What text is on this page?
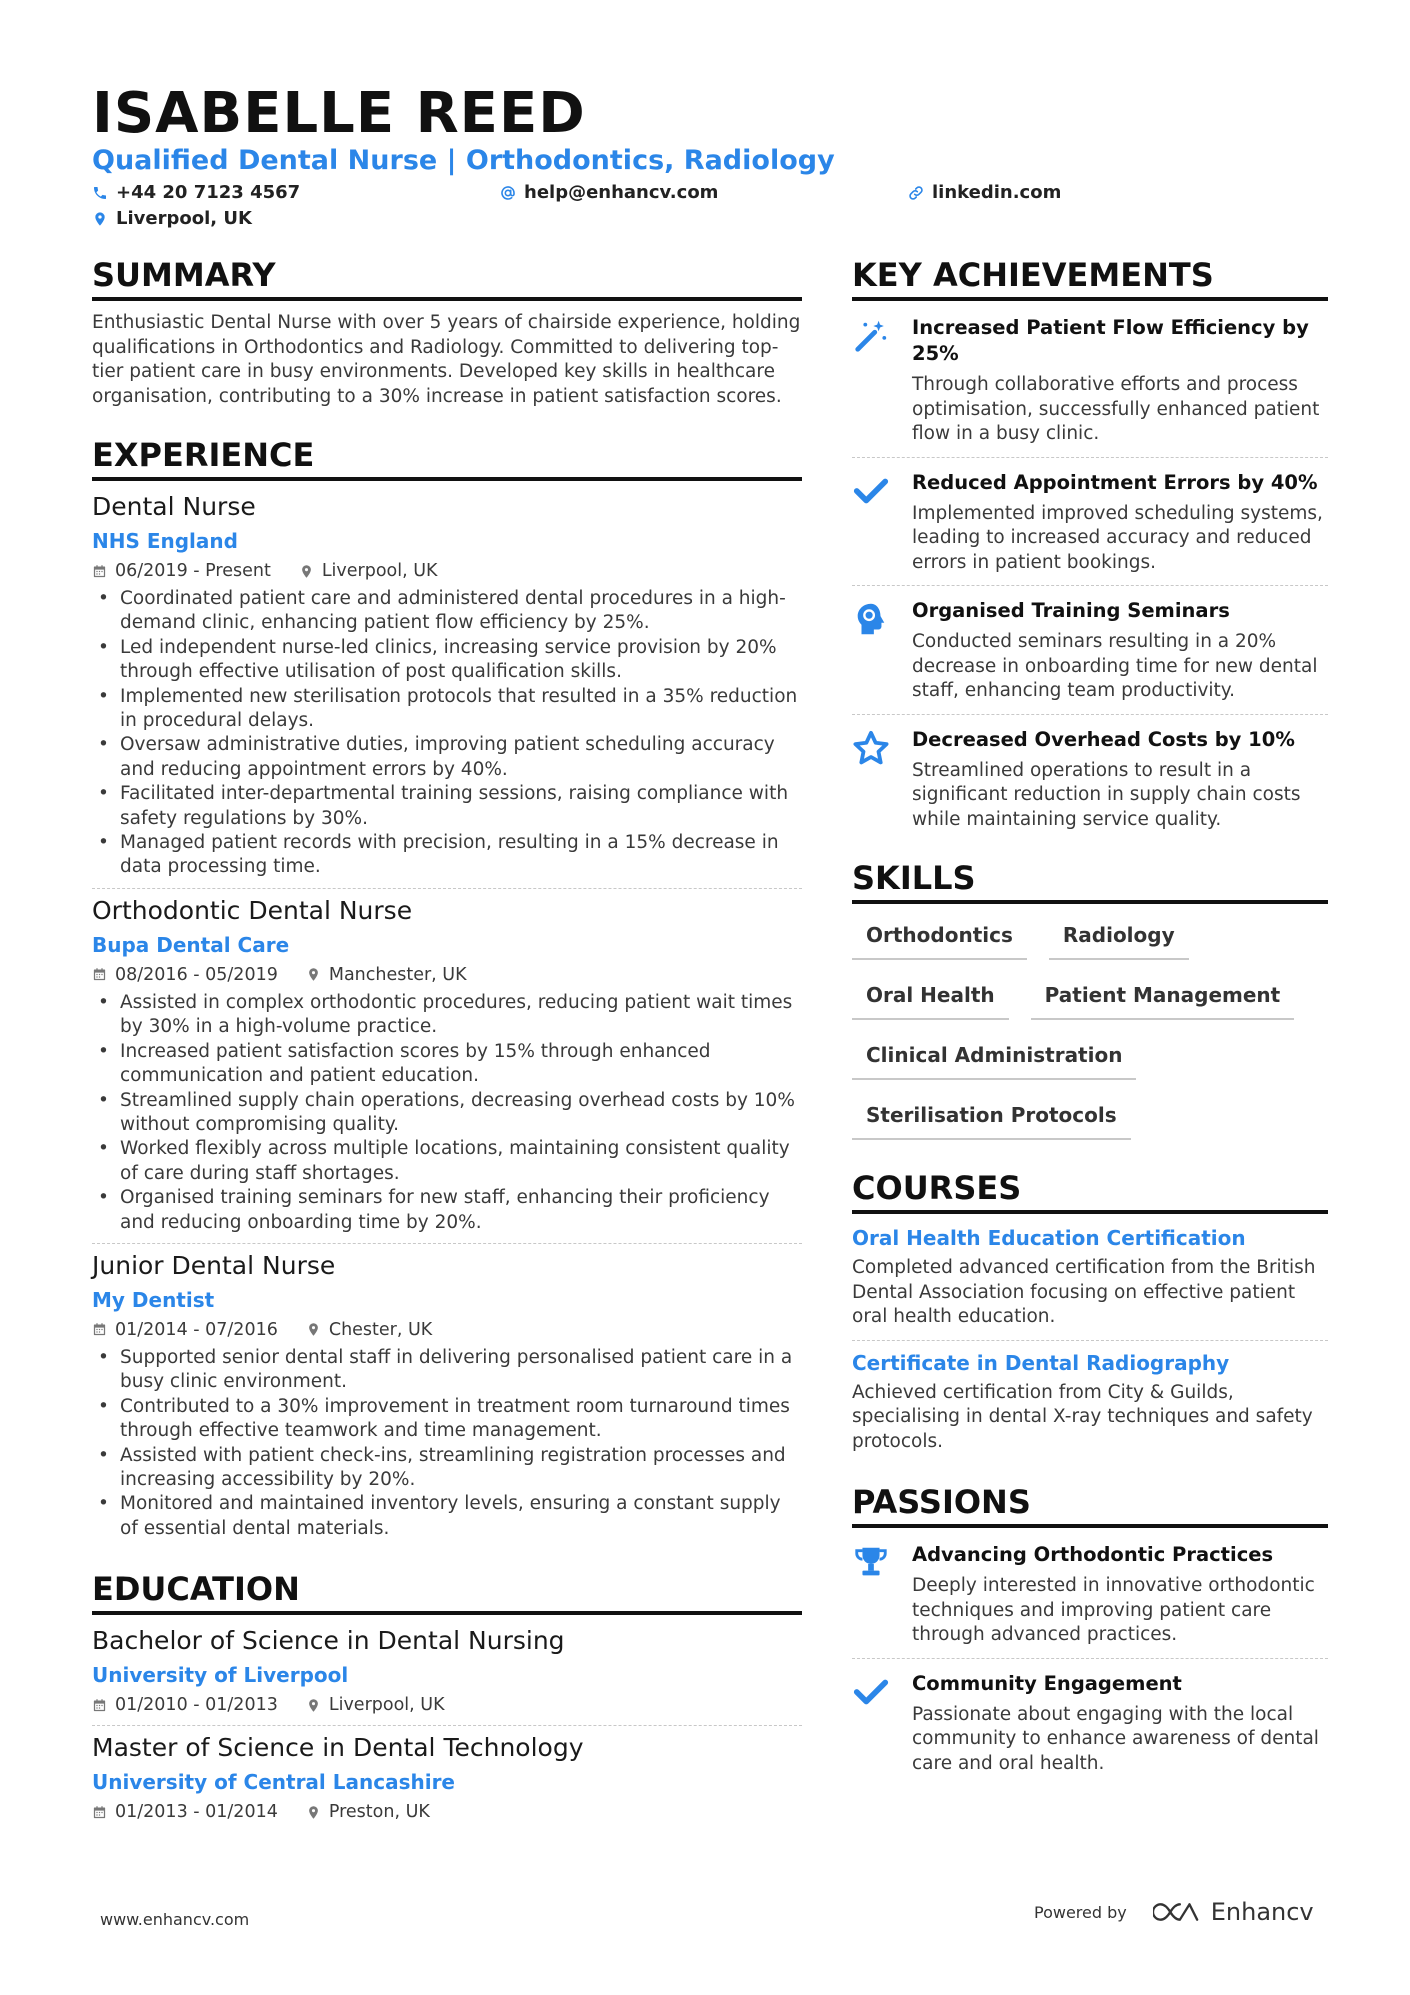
ISABELLE REED
Qualified Dental Nurse | Orthodontics, Radiology
+44 20 7123 4567	help@enhancv.com	linkedin.com
Liverpool, UK
SUMMARY
Enthusiastic Dental Nurse with over 5 years of chairside experience, holding qualifications in Orthodontics and Radiology. Committed to delivering top-tier patient care in busy environments. Developed key skills in healthcare organisation, contributing to a 30% increase in patient satisfaction scores.
EXPERIENCE
Dental Nurse
NHS England
06/2019 - Present	Liverpool, UK
• Coordinated patient care and administered dental procedures in a high-demand clinic, enhancing patient flow efficiency by 25%.
• Led independent nurse-led clinics, increasing service provision by 20% through effective utilisation of post qualification skills.
• Implemented new sterilisation protocols that resulted in a 35% reduction in procedural delays.
• Oversaw administrative duties, improving patient scheduling accuracy and reducing appointment errors by 40%.
• Facilitated inter-departmental training sessions, raising compliance with safety regulations by 30%.
• Managed patient records with precision, resulting in a 15% decrease in data processing time.
Orthodontic Dental Nurse
Bupa Dental Care
08/2016 - 05/2019	Manchester, UK
• Assisted in complex orthodontic procedures, reducing patient wait times by 30% in a high-volume practice.
• Increased patient satisfaction scores by 15% through enhanced communication and patient education.
• Streamlined supply chain operations, decreasing overhead costs by 10% without compromising quality.
• Worked flexibly across multiple locations, maintaining consistent quality of care during staff shortages.
• Organised training seminars for new staff, enhancing their proficiency and reducing onboarding time by 20%.
Junior Dental Nurse
My Dentist
01/2014 - 07/2016	Chester, UK
• Supported senior dental staff in delivering personalised patient care in a busy clinic environment.
• Contributed to a 30% improvement in treatment room turnaround times through effective teamwork and time management.
• Assisted with patient check-ins, streamlining registration processes and increasing accessibility by 20%.
• Monitored and maintained inventory levels, ensuring a constant supply of essential dental materials.
EDUCATION
Bachelor of Science in Dental Nursing
University of Liverpool
01/2010 - 01/2013	Liverpool, UK
Master of Science in Dental Technology
University of Central Lancashire
01/2013 - 01/2014	Preston, UK
KEY ACHIEVEMENTS
Increased Patient Flow Efficiency by 25%
Through collaborative efforts and process optimisation, successfully enhanced patient flow in a busy clinic.
Reduced Appointment Errors by 40%
Implemented improved scheduling systems, leading to increased accuracy and reduced errors in patient bookings.
Organised Training Seminars
Conducted seminars resulting in a 20% decrease in onboarding time for new dental staff, enhancing team productivity.
Decreased Overhead Costs by 10%
Streamlined operations to result in a significant reduction in supply chain costs while maintaining service quality.
SKILLS
Orthodontics	Radiology
Oral Health	Patient Management
Clinical Administration
Sterilisation Protocols
COURSES
Oral Health Education Certification
Completed advanced certification from the British Dental Association focusing on effective patient oral health education.
Certificate in Dental Radiography
Achieved certification from City & Guilds, specialising in dental X-ray techniques and safety protocols.
PASSIONS
Advancing Orthodontic Practices
Deeply interested in innovative orthodontic techniques and improving patient care through advanced practices.
Community Engagement
Passionate about engaging with the local community to enhance awareness of dental care and oral health.
www.enhancv.com	Powered by	Enhancv
